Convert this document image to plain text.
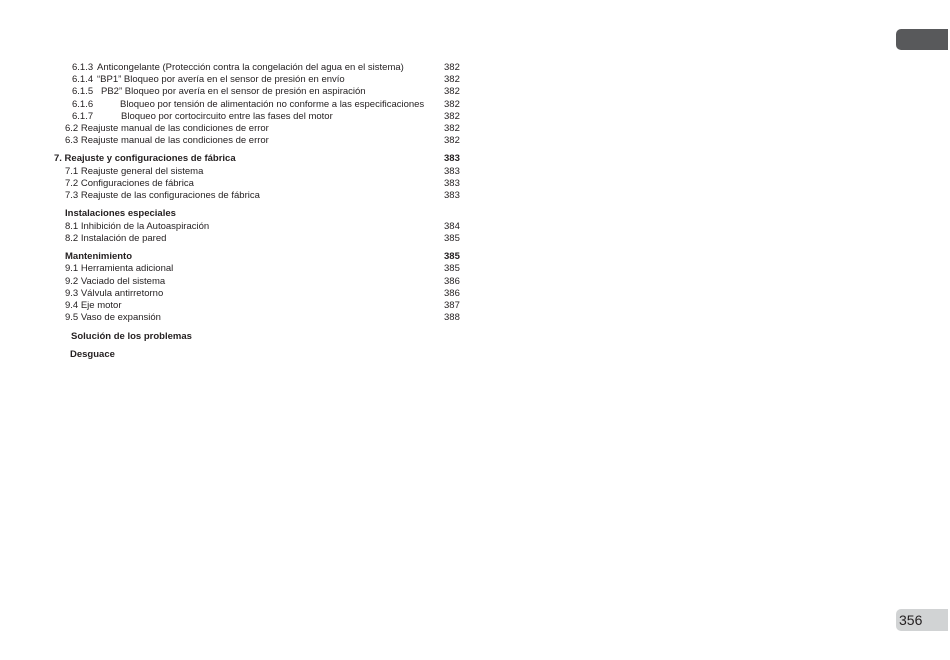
6.1.3 Anticongelante (Protección contra la congelación del agua en el sistema)	382
6.1.4 “BP1” Bloqueo por avería en el sensor de presión en envío	382
6.1.5 PB2” Bloqueo por avería en el sensor de presión en aspiración	382
6.1.6	Bloqueo por tensión de alimentación no conforme a las especificaciones 382
6.1.7	Bloqueo por cortocircuito entre las fases del motor	382
6.2 Reajuste manual de las condiciones de error	382
6.3 Reajuste manual de las condiciones de error	382
7. Reajuste y configuraciones de fábrica	383
7.1 Reajuste general del sistema	383
7.2 Configuraciones de fábrica	383
7.3 Reajuste de las configuraciones de fábrica	383
Instalaciones especiales
8.1 Inhibición de la Autoaspiración	384
8.2 Instalación de pared	385
Mantenimiento	385
9.1 Herramienta adicional	385
9.2 Vaciado del sistema	386
9.3 Válvula antirretorno	386
9.4 Eje motor	387
9.5 Vaso de expansión	388
Solución de los problemas
Desguace
356
